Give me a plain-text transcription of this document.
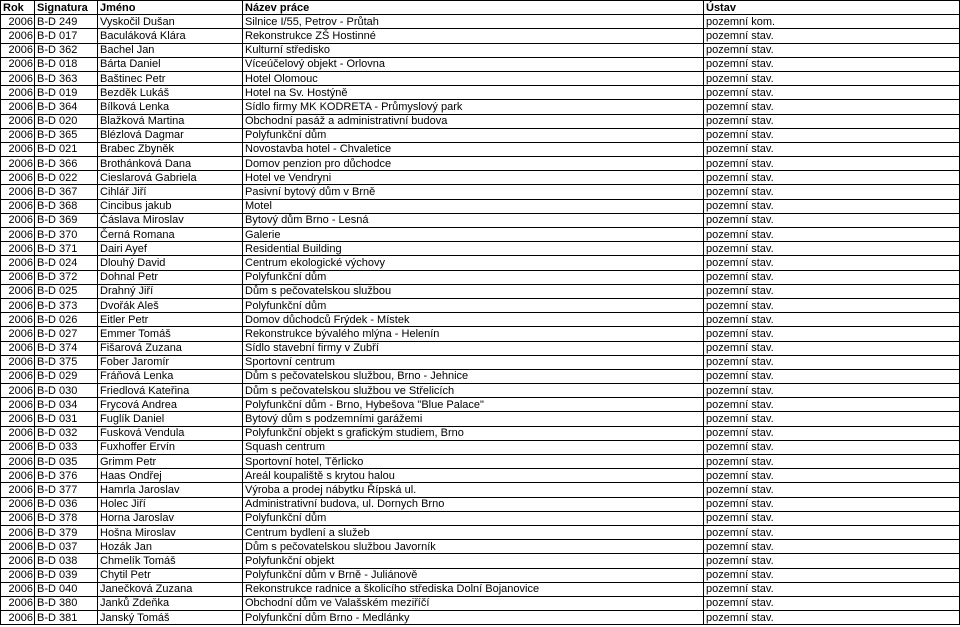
Rok	Signatura	Jméno	Název práce	Ústav
2006	B-D 249	Vyskočil Dušan	Silnice I/55, Petrov - Průtah	pozemní kom.
2006	B-D 017	Baculáková Klára	Rekonstrukce ZŠ Hostinné	pozemní stav.
2006	B-D 362	Bachel Jan	Kulturní středisko	pozemní stav.
2006	B-D 018	Bárta Daniel	Víceúčelový objekt - Orlovna	pozemní stav.
2006	B-D 363	Baštinec Petr	Hotel Olomouc	pozemní stav.
2006	B-D 019	Bezděk Lukáš	Hotel na Sv. Hostýně	pozemní stav.
2006	B-D 364	Bílková Lenka	Sídlo firmy MK KODRETA - Průmyslový park	pozemní stav.
2006	B-D 020	Blažková Martina	Obchodní pasáž a administrativní budova	pozemní stav.
2006	B-D 365	Blézlová Dagmar	Polyfunkční dům	pozemní stav.
2006	B-D 021	Brabec Zbyněk	Novostavba hotel - Chvaletice	pozemní stav.
2006	B-D 366	Brothánková Dana	Domov penzion pro důchodce	pozemní stav.
2006	B-D 022	Cieslarová Gabriela	Hotel ve Vendryni	pozemní stav.
2006	B-D 367	Cihlář Jiří	Pasivní bytový dům v Brně	pozemní stav.
2006	B-D 368	Cincibus jakub	Motel	pozemní stav.
2006	B-D 369	Čáslava Miroslav	Bytový dům Brno - Lesná	pozemní stav.
2006	B-D 370	Černá Romana	Galerie	pozemní stav.
2006	B-D 371	Dairi Ayef	Residential Building	pozemní stav.
2006	B-D 024	Dlouhý David	Centrum ekologické výchovy	pozemní stav.
2006	B-D 372	Dohnal Petr	Polyfunkční dům	pozemní stav.
2006	B-D 025	Drahný Jiří	Dům s pečovatelskou službou	pozemní stav.
2006	B-D 373	Dvořák Aleš	Polyfunkční dům	pozemní stav.
2006	B-D 026	Eitler Petr	Domov důchodců Frýdek - Místek	pozemní stav.
2006	B-D 027	Emmer Tomáš	Rekonstrukce bývalého mlýna - Helenín	pozemní stav.
2006	B-D 374	Fišarová Zuzana	Sídlo stavební firmy v Zubří	pozemní stav.
2006	B-D 375	Fober Jaromír	Sportovní centrum	pozemní stav.
2006	B-D 029	Fráňová Lenka	Dům s pečovatelskou službou, Brno - Jehnice	pozemní stav.
2006	B-D 030	Friedlová Kateřina	Dům s pečovatelskou službou ve Střelicích	pozemní stav.
2006	B-D 034	Frycová Andrea	Polyfunkční dům - Brno, Hybešova "Blue Palace"	pozemní stav.
2006	B-D 031	Fuglík Daniel	Bytový dům s podzemními garážemi	pozemní stav.
2006	B-D 032	Fusková Vendula	Polyfunkční objekt s grafickým studiem, Brno	pozemní stav.
2006	B-D 033	Fuxhoffer Ervín	Squash centrum	pozemní stav.
2006	B-D 035	Grimm Petr	Sportovní hotel, Těrlicko	pozemní stav.
2006	B-D 376	Haas Ondřej	Areál koupaliště s krytou halou	pozemní stav.
2006	B-D 377	Hamrla Jaroslav	Výroba a prodej nábytku Řípská ul.	pozemní stav.
2006	B-D 036	Holec Jiří	Administrativní budova, ul. Dornych Brno	pozemní stav.
2006	B-D 378	Horna Jaroslav	Polyfunkční dům	pozemní stav.
2006	B-D 379	Hošna Miroslav	Centrum bydlení a služeb	pozemní stav.
2006	B-D 037	Hozák Jan	Dům s pečovatelskou službou Javorník	pozemní stav.
2006	B-D 038	Chmelík Tomáš	Polyfunkční objekt	pozemní stav.
2006	B-D 039	Chytil Petr	Polyfunkční dům v Brně - Juliánově	pozemní stav.
2006	B-D 040	Janečková Zuzana	Rekonstrukce radnice a školicího střediska Dolní Bojanovice	pozemní stav.
2006	B-D 380	Janků Zdeňka	Obchodní dům ve Valašském meziříčí	pozemní stav.
2006	B-D 381	Janský Tomáš	Polyfunkční dům Brno - Medlánky	pozemní stav.
